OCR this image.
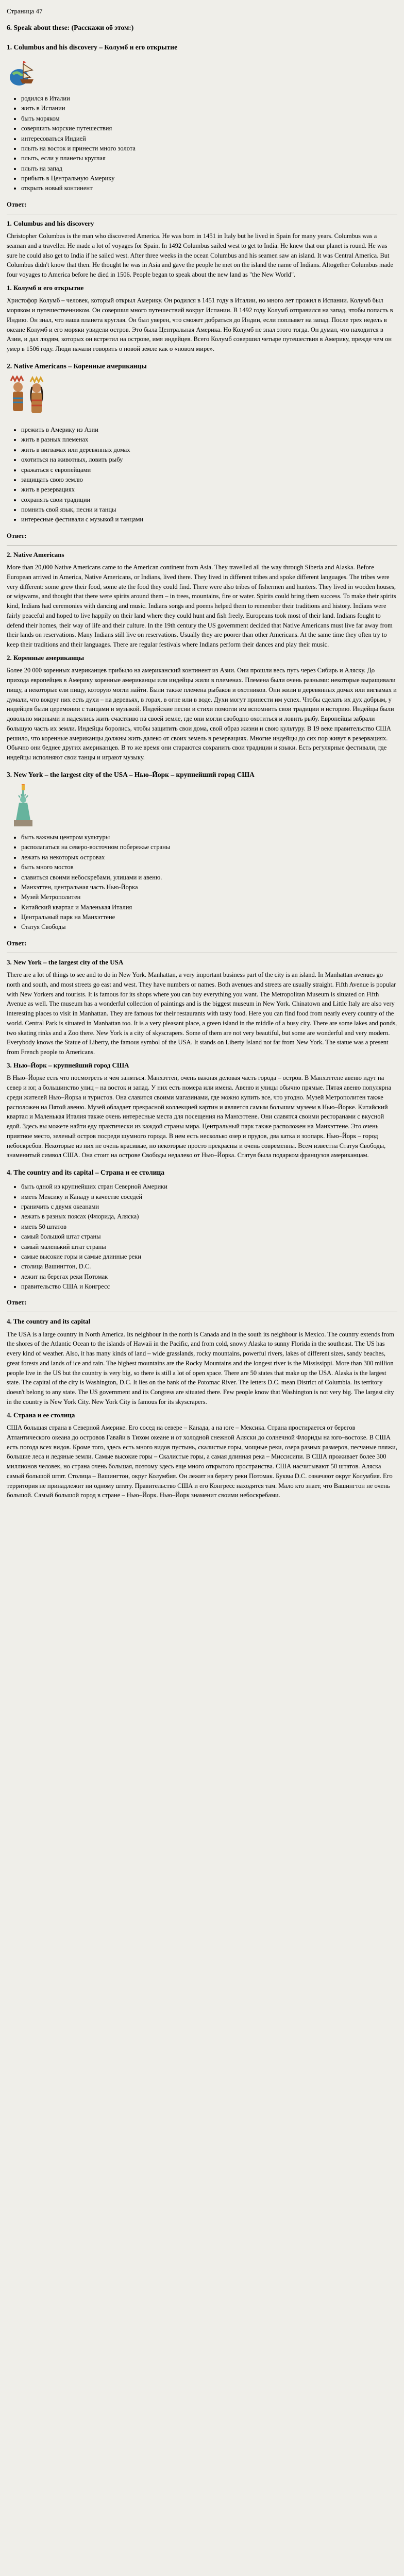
Страница 47
6. Speak about these: (Расскажи об этом:)
1. Columbus and his discovery – Колумб и его открытие
• родился в Италии
• жить в Испании
• быть моряком
• совершить морские путешествия
• интересоваться Индией
• плыть на восток и принести много золота
• плыть, если у планеты круглая
• плыть на запад
• прибыть в Центральную Америку
• открыть новый континент
Ответ:
1. Columbus and his discovery

Christopher Columbus is the man who discovered America. He was born in 1451 in Italy but he lived in Spain for many years. Columbus was a seaman and a traveller. He made a lot of voyages for Spain. In 1492 Columbus sailed west to get to India. He knew that our planet is round. He was sure he could also get to India if he sailed west. After three weeks in the ocean Columbus and his seamen saw an island. It was Central America. But Columbus didn't know that then. He thought he was in Asia and gave the people he met on the island the name of Indians. Altogether Columbus made four voyages to America before he died in 1506. People began to speak about the new land as "the New World".

1. Колумб и его открытие

Христофор Колумб – человек, который открыл Америку. Он родился в 1451 году в Италии, но много лет прожил в Испании. Колумб был моряком и путешественником. Он совершил много путешествий вокруг Испании. В 1492 году Колумб отправился на запад, чтобы попасть в Индию. Он знал, что наша планета круглая. Он был уверен, что сможет добраться до Индии, если поплывет на запад. После трех недель в океане Колумб и его моряки увидели остров. Это была Центральная Америка. Но Колумб не знал этого тогда. Он думал, что находится в Азии, и дал людям, которых он встретил на острове, имя индейцев. Всего Колумб совершил четыре путешествия в Америку, прежде чем он умер в 1506 году. Люди начали говорить о новой земле как о «новом мире».

2. Native Americans – Коренные американцы
• прежить в Америку из Азии
• жить в разных племенах
• жить в вигвамах или деревянных домах
• охотиться на животных, ловить рыбу
• сражаться с европейцами
• защищать свою землю
• жить в резервациях
• сохранять свои традиции
• помнить свой язык, песни и танцы
• интересные фестивали с музыкой и танцами
Ответ:
2. Native Americans

More than 20,000 Native Americans came to the American continent from Asia. They travelled all the way through Siberia and Alaska. Before European arrived in America, Native Americans, or Indians, lived there. They lived in different tribes and spoke different languages. The tribes were very different: some grew their food, some ate the food they could find. There were also tribes of fishermen and hunters. They lived in wooden houses, or wigwams, and thought that there were spirits around them – in trees, mountains, fire or water. Spirits could bring them success. To make their spirits kind, Indians had ceremonies with dancing and music. Indians songs and poems helped them to remember their traditions and history. Indians were fairly peaceful and hoped to live happily on their land where they could hunt and fish freely. Europeans took most of their land. Indians fought to defend their homes, their way of life and their culture. In the 19th century the US government decided that Native Americans must live far away from their lands on reservations. Many Indians still live on reservations. Usually they are poorer than other Americans. At the same time they often try to keep their traditions and their languages. There are regular festivals where Indians perform their dances and play their music.

2. Коренные американцы

Более 20 000 коренных американцев прибыло на американский континент из Азии. Они прошли весь путь через Сибирь и Аляску. До прихода европейцев в Америку коренные американцы или индейцы жили в племенах. Племена были очень разными: некоторые выращивали пищу, а некоторые ели пищу, которую могли найти. Были также племена рыбаков и охотников. Они жили в деревянных домах или вигвамах и думали, что вокруг них есть духи – на деревьях, в горах, в огне или в воде. Духи могут принести им успех. Чтобы сделать их дух добрым, у индейцев были церемонии с танцами и музыкой. Индейские песни и стихи помогли им вспомнить свои традиции и историю. Индейцы были довольно мирными и надеялись жить счастливо на своей земле, где они могли свободно охотиться и ловить рыбу. Европейцы забрали большую часть их земли. Индейцы боролись, чтобы защитить свои дома, свой образ жизни и свою культуру. В 19 веке правительство США решило, что коренные американцы должны жить далеко от своих земель в резервациях. Многие индейцы до сих пор живут в резервациях. Обычно они беднее других американцев. В то же время они стараются сохранить свои традиции и языки. Есть регулярные фестивали, где индейцы исполняют свои танцы и играют музыку.

3. New York – the largest city of the USA – Нью–Йорк – крупнейший город США
• быть важным центром культуры
• располагаться на северо-восточном побережье страны
• лежать на некоторых островах
• быть много мостов
• славиться своими небоскребами, улицами и авеню.
• Манхэттен, центральная часть Нью-Йорка
• Музей Метрополитен
• Китайский квартал и Маленькая Италия
• Центральный парк на Манхэттене
• Статуя Свободы
Ответ:
3. New York – the largest city of the USA

There are a lot of things to see and to do in New York. Manhattan, a very important business part of the city is an island. In Manhattan avenues go north and south, and most streets go east and west. They have numbers or names. Both avenues and streets are usually straight. Fifth Avenue is popular with New Yorkers and tourists. It is famous for its shops where you can buy everything you want. The Metropolitan Museum is situated on Fifth Avenue as well. The museum has a wonderful collection of paintings and is the biggest museum in New York. Chinatown and Little Italy are also very interesting places to visit in Manhattan. They are famous for their restaurants with tasty food. Here you can find food from nearly every country of the world. Central Park is situated in Manhattan too. It is a very pleasant place, a green island in the middle of a busy city. There are some lakes and ponds, two skating rinks and a Zoo there. New York is a city of skyscrapers. Some of them are not very beautiful, but some are wonderful and very modern. Everybody knows the Statue of Liberty, the famous symbol of the USA. It stands on Liberty Island not far from New York. The statue was a present from French people to Americans.

3. Нью–Йорк – крупнейший город США

В Нью–Йорке есть что посмотреть и чем заняться. Манхэттен, очень важная деловая часть города – остров. В Манхэттене авеню идут на север и юг, а большинство улиц – на восток и запад. У них есть номера или имена. Авеню и улицы обычно прямые. Пятая авеню популярна среди жителей Нью–Йорка и туристов. Она славится своими магазинами, где можно купить все, что угодно. Музей Метрополитен также расположен на Пятой авеню. Музей обладает прекрасной коллекцией картин и является самым большим музеем в Нью–Йорке. Китайский квартал и Маленькая Италия также очень интересные места для посещения на Манхэттене. Они славятся своими ресторанами с вкусной едой. Здесь вы можете найти еду практически из каждой страны мира. Центральный парк также расположен на Манхэттене. Это очень приятное место, зеленый остров посреди шумного города. В нем есть несколько озер и прудов, два катка и зоопарк. Нью–Йорк – город небоскребов. Некоторые из них не очень красивые, но некоторые просто прекрасны и очень современны. Всем известна Статуя Свободы, знаменитый символ США. Она стоит на острове Свободы недалеко от Нью–Йорка. Статуя была подарком французов американцам.

4. The country and its capital – Страна и ее столица
• быть одной из крупнейших стран Северной Америки
• иметь Мексику и Канаду в качестве соседей
• граничить с двумя океанами
• лежать в разных поясах (Флорида, Аляска)
• иметь 50 штатов
• самый большой штат страны
• самый маленький штат страны
• самые высокие горы и самые длинные реки
• столица Вашингтон, D.C.
• лежит на берегах реки Потомак
• правительство США и Конгресс
Ответ:
4. The country and its capital

The USA is a large country in North America. Its neighbour in the north is Canada and in the south its neighbour is Mexico. The country extends from the shores of the Atlantic Ocean to the islands of Hawaii in the Pacific, and from cold, snowy Alaska to sunny Florida in the southeast. The US has every kind of weather. Also, it has many kinds of land – wide grasslands, rocky mountains, powerful rivers, lakes of different sizes, sandy beaches, great forests and lands of ice and rain. The highest mountains are the Rocky Mountains and the longest river is the Mississippi. More than 300 million people live in the US but the country is very big, so there is still a lot of open space. There are 50 states that make up the USA. Alaska is the largest state. The capital of the city is Washington, D.C. It lies on the bank of the Potomac River. The letters D.C. mean District of Columbia. Its territory doesn't belong to any state. The US government and its Congress are situated there. Few people know that Washington is not very big. The largest city in the country is New York City. New York City is famous for its skyscrapers.

4. Страна и ее столица

США большая страна в Северной Америке. Его сосед на севере – Канада, а на юге – Мексика. Страна простирается от берегов Атлантического океана до островов Гавайи в Тихом океане и от холодной снежной Аляски до солнечной Флориды на юго–востоке. В США есть погода всех видов. Кроме того, здесь есть много видов пустынь, скалистые горы, мощные реки, озера разных размеров, песчаные пляжи, большие леса и ледяные земли. Самые высокие горы – Скалистые горы, а самая длинная река – Миссисипи. В США проживает более 300 миллионов человек, но страна очень большая, поэтому здесь еще много открытого пространства. США насчитывают 50 штатов. Аляска самый большой штат. Столица – Вашингтон, округ Колумбия. Он лежит на берегу реки Потомак. Буквы D.C. означают округ Колумбия. Его территория не принадлежит ни одному штату. Правительство США и его Конгресс находятся там. Мало кто знает, что Вашингтон не очень большой. Самый большой город в стране – Нью–Йорк. Нью–Йорк знаменит своими небоскребами.
